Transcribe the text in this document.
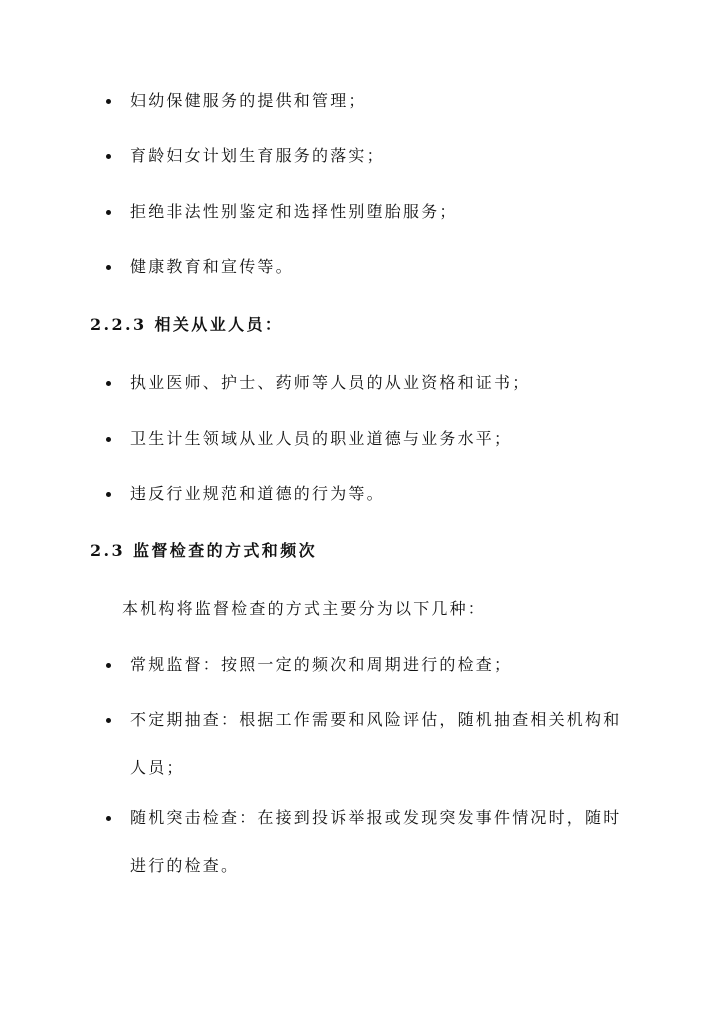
妇幼保健服务的提供和管理；
育龄妇女计划生育服务的落实；
拒绝非法性别鉴定和选择性别堕胎服务；
健康教育和宣传等。
2.2.3 相关从业人员：
执业医师、护士、药师等人员的从业资格和证书；
卫生计生领域从业人员的职业道德与业务水平；
违反行业规范和道德的行为等。
2.3 监督检查的方式和频次
本机构将监督检查的方式主要分为以下几种：
常规监督：按照一定的频次和周期进行的检查；
不定期抽查：根据工作需要和风险评估，随机抽查相关机构和人员；
随机突击检查：在接到投诉举报或发现突发事件情况时，随时进行的检查。
